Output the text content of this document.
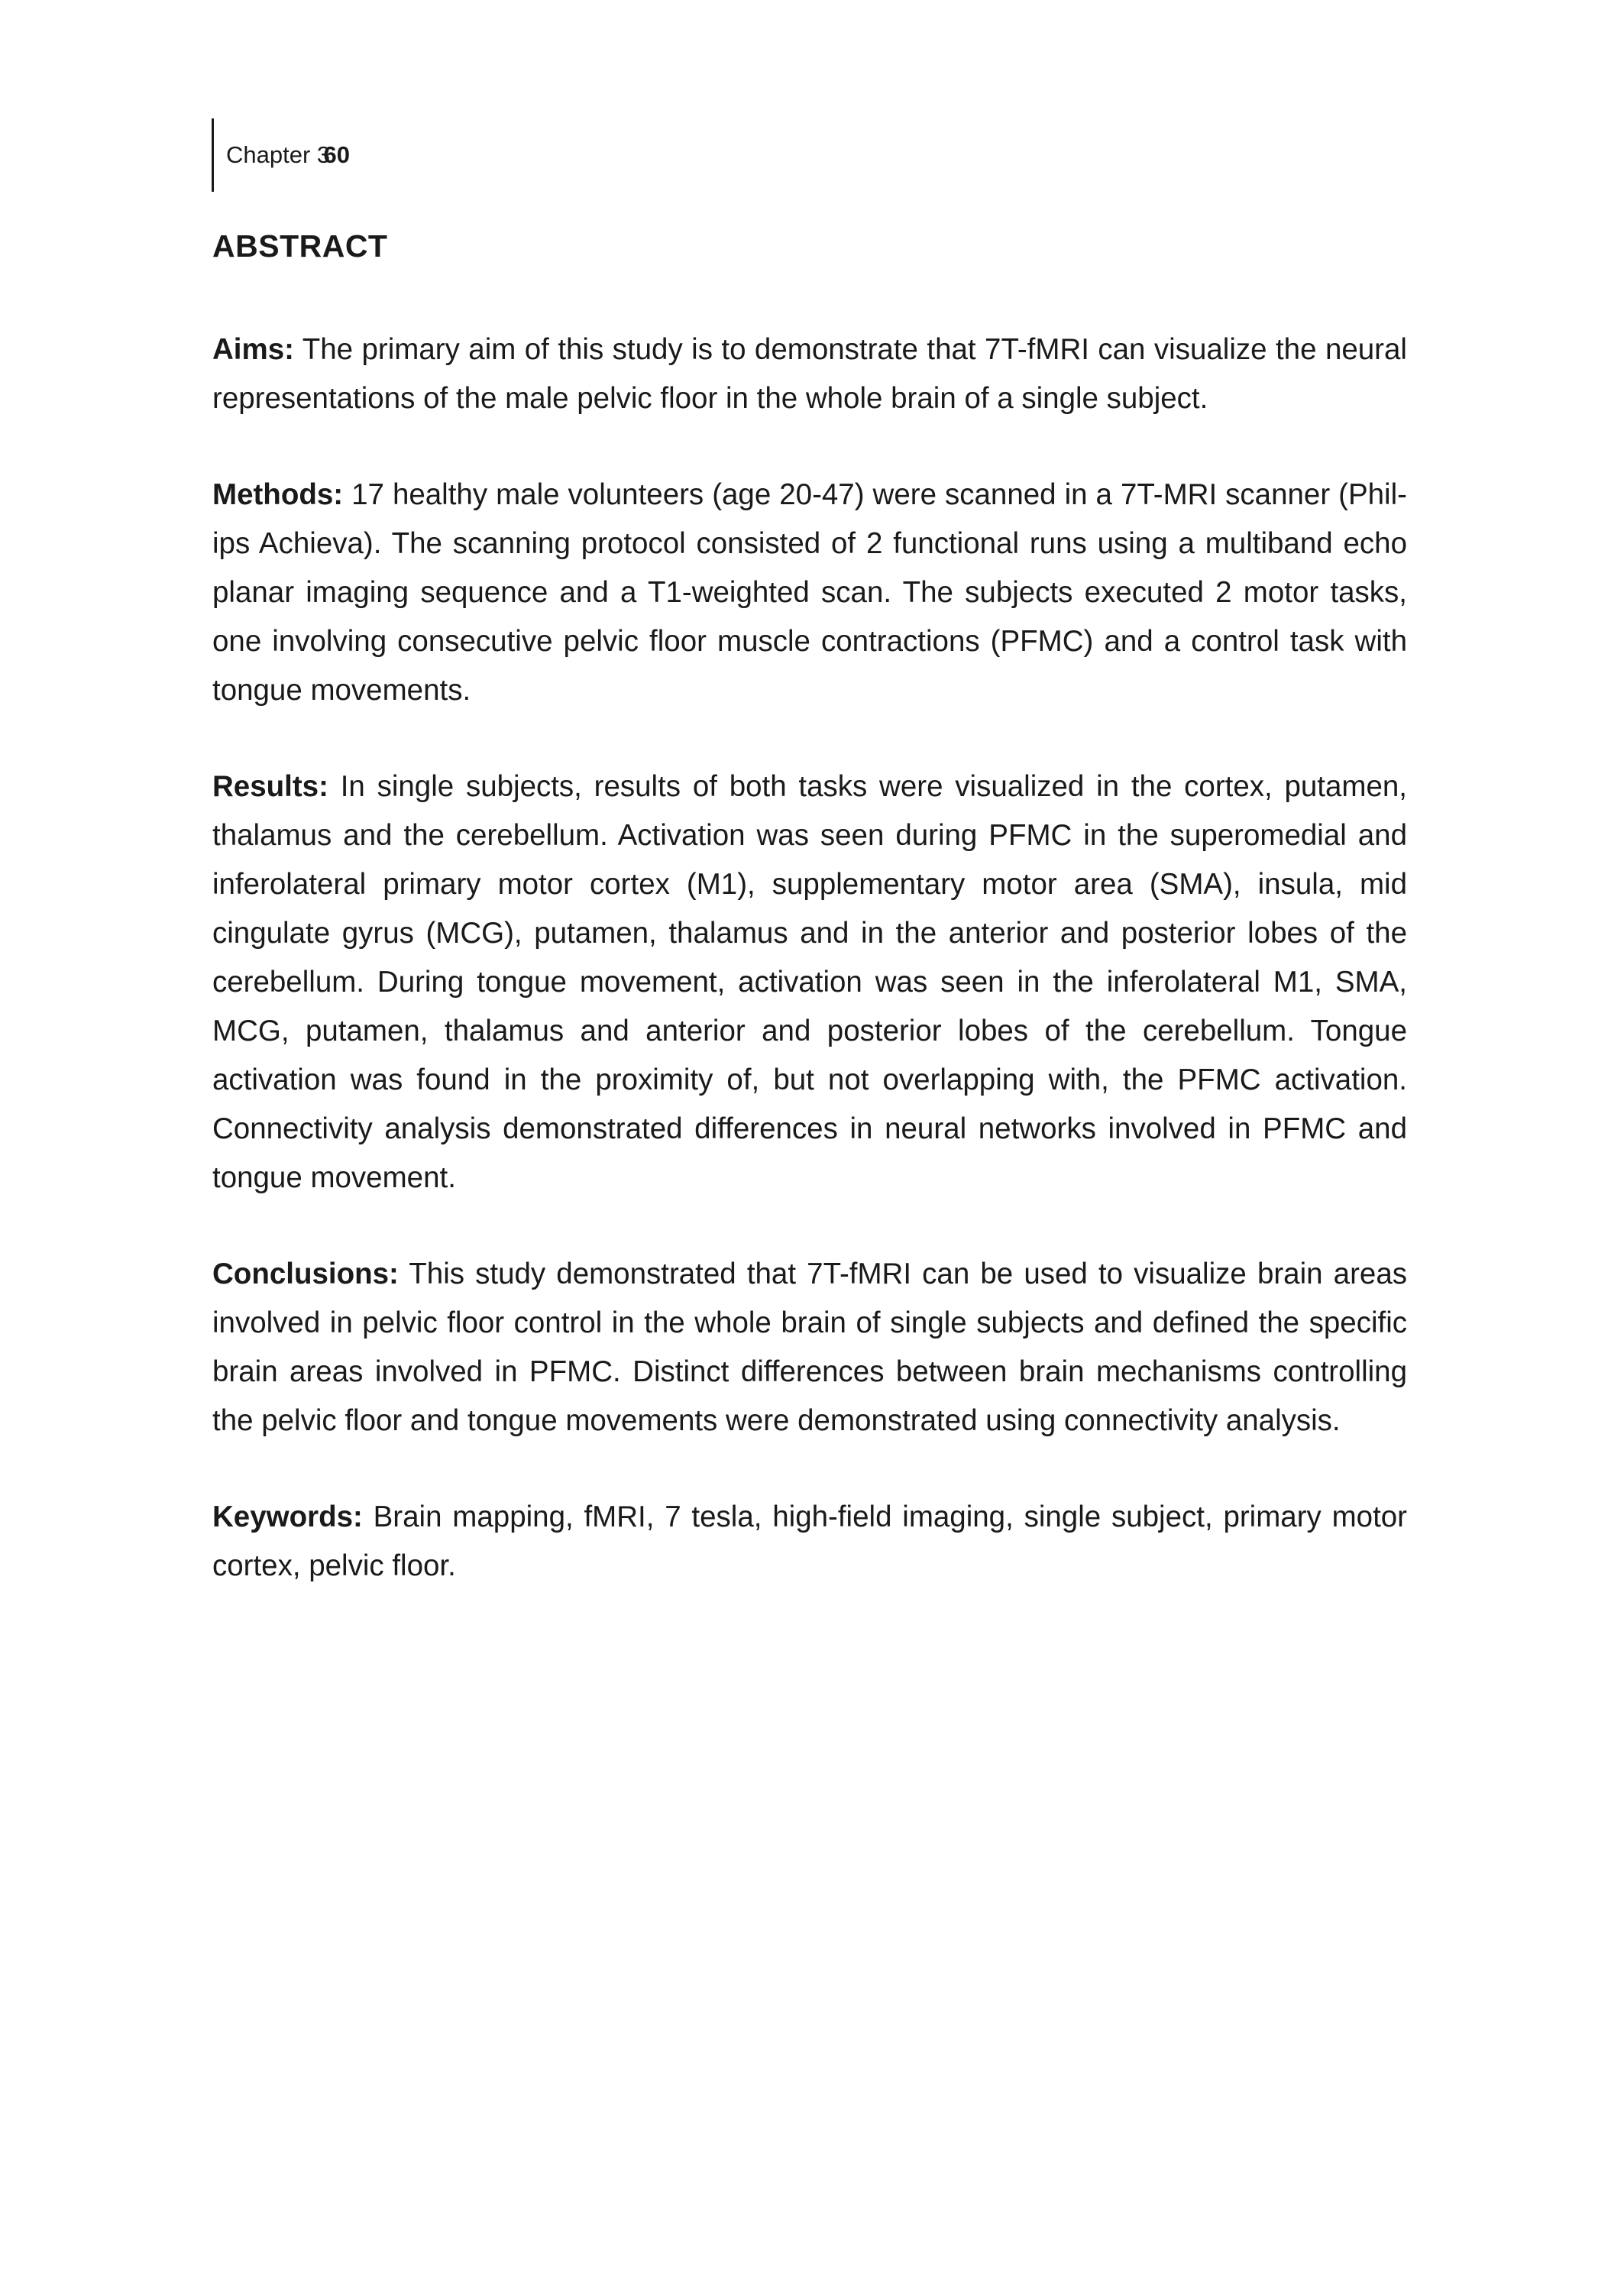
60
Chapter 3
ABSTRACT

Aims: The primary aim of this study is to demonstrate that 7T-fMRI can visualize the neural representations of the male pelvic floor in the whole brain of a single subject.

Methods: 17 healthy male volunteers (age 20-47) were scanned in a 7T-MRI scanner (Philips Achieva). The scanning protocol consisted of 2 functional runs using a multiband echo planar imaging sequence and a T1-weighted scan. The subjects executed 2 motor tasks, one involving consecutive pelvic floor muscle contractions (PFMC) and a control task with tongue movements.

Results: In single subjects, results of both tasks were visualized in the cortex, putamen, thalamus and the cerebellum. Activation was seen during PFMC in the superomedial and inferolateral primary motor cortex (M1), supplementary motor area (SMA), insula, mid cingulate gyrus (MCG), putamen, thalamus and in the anterior and posterior lobes of the cerebellum. During tongue movement, activation was seen in the inferolateral M1, SMA, MCG, putamen, thalamus and anterior and posterior lobes of the cerebellum. Tongue activation was found in the proximity of, but not overlapping with, the PFMC activation. Connectivity analysis demonstrated differences in neural networks involved in PFMC and tongue movement.

Conclusions: This study demonstrated that 7T-fMRI can be used to visualize brain areas involved in pelvic floor control in the whole brain of single subjects and defined the specific brain areas involved in PFMC. Distinct differences between brain mechanisms controlling the pelvic floor and tongue movements were demonstrated using connectivity analysis.

Keywords: Brain mapping, fMRI, 7 tesla, high-field imaging, single subject, primary motor cortex, pelvic floor.
